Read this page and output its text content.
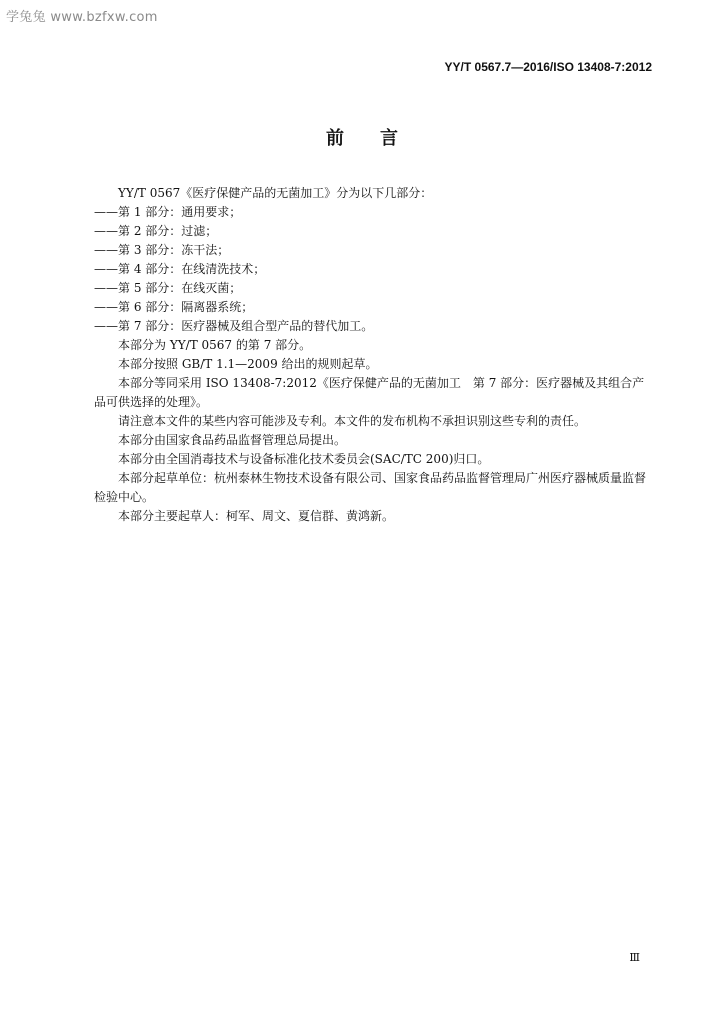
学兔兔 www.bzfxw.com
YY/T 0567.7—2016/ISO 13408-7:2012
前言

YY/T 0567《医疗保健产品的无菌加工》分为以下几部分：

——第 1 部分：通用要求；

——第 2 部分：过滤；

——第 3 部分：冻干法；

——第 4 部分：在线清洗技术；

——第 5 部分：在线灭菌；

——第 6 部分：隔离器系统；

——第 7 部分：医疗器械及组合型产品的替代加工。

本部分为 YY/T 0567 的第 7 部分。

本部分按照 GB/T 1.1—2009 给出的规则起草。

本部分等同采用 ISO 13408-7:2012《医疗保健产品的无菌加工　第 7 部分：医疗器械及其组合产品可供选择的处理》。

请注意本文件的某些内容可能涉及专利。本文件的发布机构不承担识别这些专利的责任。

本部分由国家食品药品监督管理总局提出。

本部分由全国消毒技术与设备标准化技术委员会(SAC/TC 200)归口。

本部分起草单位：杭州泰林生物技术设备有限公司、国家食品药品监督管理局广州医疗器械质量监督检验中心。

本部分主要起草人：柯军、周文、夏信群、黄鸿新。

Ⅲ
